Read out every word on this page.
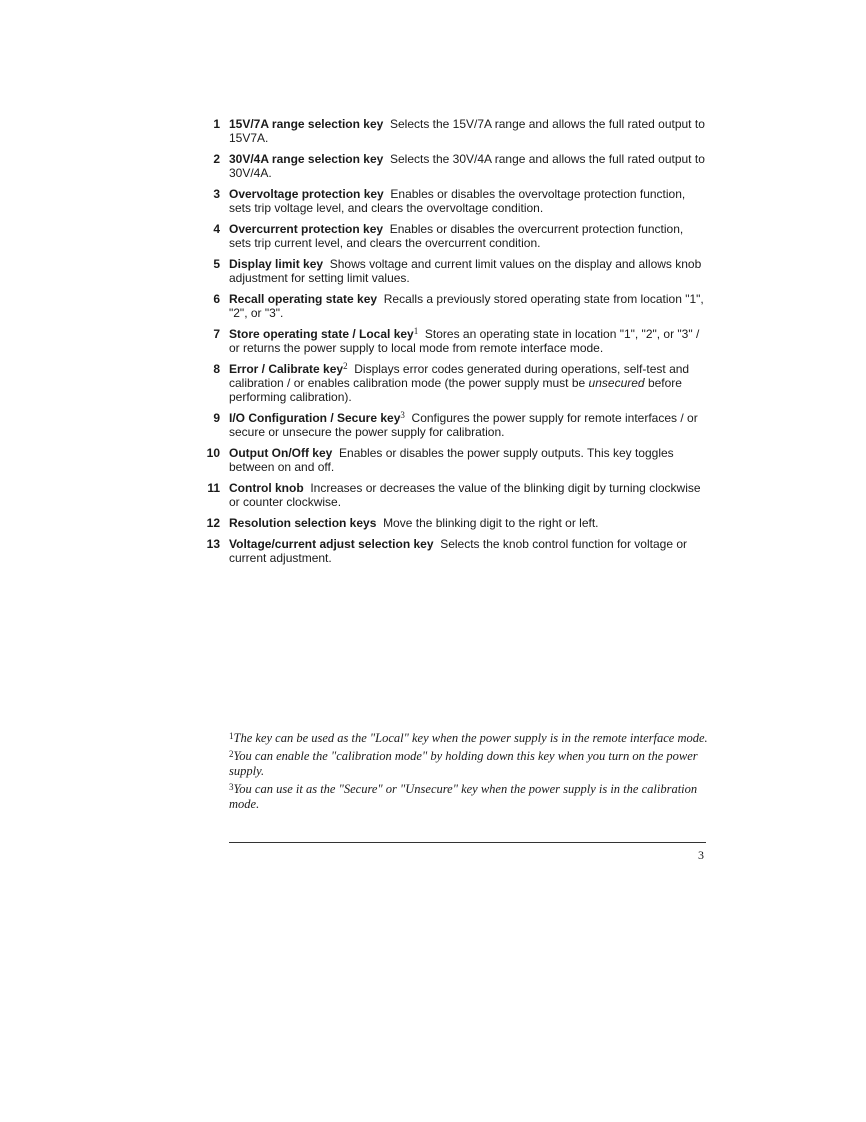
1 15V/7A range selection key Selects the 15V/7A range and allows the full rated output to 15V7A.
2 30V/4A range selection key Selects the 30V/4A range and allows the full rated output to 30V/4A.
3 Overvoltage protection key Enables or disables the overvoltage protection function, sets trip voltage level, and clears the overvoltage condition.
4 Overcurrent protection key Enables or disables the overcurrent protection function, sets trip current level, and clears the overcurrent condition.
5 Display limit key Shows voltage and current limit values on the display and allows knob adjustment for setting limit values.
6 Recall operating state key Recalls a previously stored operating state from location "1", "2", or "3".
7 Store operating state / Local key$^1$ Stores an operating state in location "1", "2", or "3" / or returns the power supply to local mode from remote interface mode.
8 Error / Calibrate key$^2$ Displays error codes generated during operations, self-test and calibration / or enables calibration mode (the power supply must be unsecured before performing calibration).
9 I/O Configuration / Secure key$^3$ Configures the power supply for remote interfaces / or secure or unsecure the power supply for calibration.
10 Output On/Off key Enables or disables the power supply outputs. This key toggles between on and off.
11 Control knob Increases or decreases the value of the blinking digit by turning clockwise or counter clockwise.
12 Resolution selection keys Move the blinking digit to the right or left.
13 Voltage/current adjust selection key Selects the knob control function for voltage or current adjustment.
$^1$The key can be used as the "Local" key when the power supply is in the remote interface mode.
$^2$You can enable the "calibration mode" by holding down this key when you turn on the power supply.
$^3$You can use it as the "Secure" or "Unsecure" key when the power supply is in the calibration mode.
3
